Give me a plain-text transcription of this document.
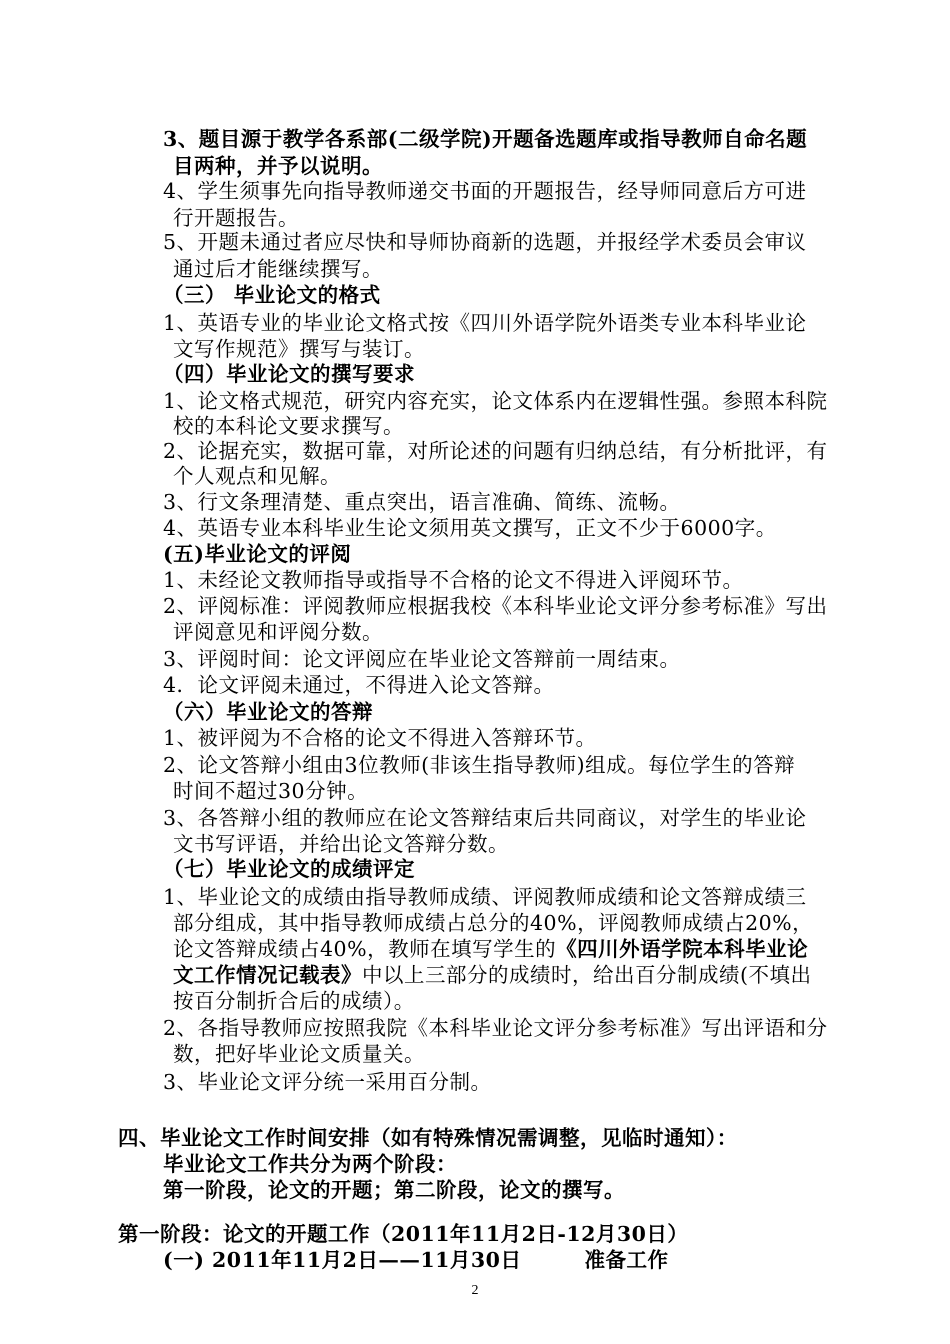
3、题目源于教学各系部(二级学院)开题备选题库或指导教师自命名题

目两种，并予以说明。

4、学生须事先向指导教师递交书面的开题报告，经导师同意后方可进

行开题报告。

5、开题未通过者应尽快和导师协商新的选题，并报经学术委员会审议

通过后才能继续撰写。

（三） 毕业论文的格式

1、英语专业的毕业论文格式按《四川外语学院外语类专业本科毕业论

文写作规范》撰写与装订。

（四）毕业论文的撰写要求

1、论文格式规范，研究内容充实，论文体系内在逻辑性强。参照本科院

校的本科论文要求撰写。

2、论据充实，数据可靠，对所论述的问题有归纳总结，有分析批评，有

个人观点和见解。

3、行文条理清楚、重点突出，语言准确、简练、流畅。

4、英语专业本科毕业生论文须用英文撰写，正文不少于6000字。

(五)毕业论文的评阅

1、未经论文教师指导或指导不合格的论文不得进入评阅环节。

2、评阅标准：评阅教师应根据我校《本科毕业论文评分参考标准》写出

评阅意见和评阅分数。

3、评阅时间：论文评阅应在毕业论文答辩前一周结束。

4．论文评阅未通过，不得进入论文答辩。

（六）毕业论文的答辩

1、被评阅为不合格的论文不得进入答辩环节。

2、论文答辩小组由3位教师(非该生指导教师)组成。每位学生的答辩

时间不超过30分钟。

3、各答辩小组的教师应在论文答辩结束后共同商议，对学生的毕业论

文书写评语，并给出论文答辩分数。

（七）毕业论文的成绩评定

1、毕业论文的成绩由指导教师成绩、评阅教师成绩和论文答辩成绩三

部分组成，其中指导教师成绩占总分的40%，评阅教师成绩占20%，

论文答辩成绩占40%，教师在填写学生的《四川外语学院本科毕业论

文工作情况记载表》中以上三部分的成绩时，给出百分制成绩(不填出

按百分制折合后的成绩）。

2、各指导教师应按照我院《本科毕业论文评分参考标准》写出评语和分

数，把好毕业论文质量关。

3、毕业论文评分统一采用百分制。

四、毕业论文工作时间安排（如有特殊情况需调整，见临时通知）：

毕业论文工作共分为两个阶段：

第一阶段，论文的开题；第二阶段，论文的撰写。

第一阶段：论文的开题工作（2011年11月2日-12月30日）

(一) 2011年11月2日——11月30日　　　准备工作

2
